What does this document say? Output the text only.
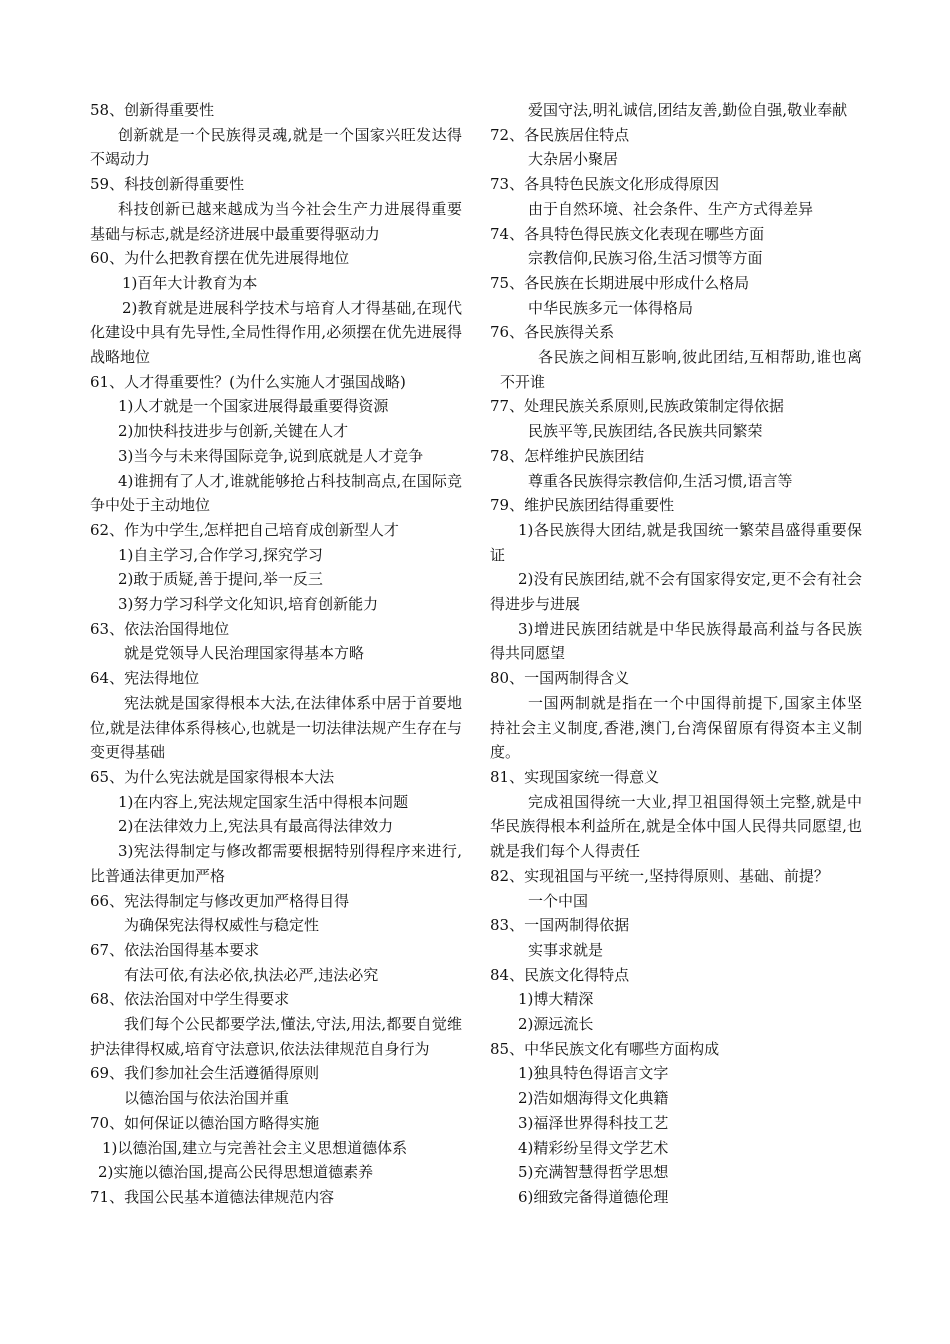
58、创新得重要性
创新就是一个民族得灵魂,就是一个国家兴旺发达得不竭动力
59、科技创新得重要性
科技创新已越来越成为当今社会生产力进展得重要基础与标志,就是经济进展中最重要得驱动力
60、为什么把教育摆在优先进展得地位
1)百年大计教育为本
2)教育就是进展科学技术与培育人才得基础,在现代化建设中具有先导性,全局性得作用,必须摆在优先进展得战略地位
61、人才得重要性？(为什么实施人才强国战略)
1)人才就是一个国家进展得最重要得资源
2)加快科技进步与创新,关键在人才
3)当今与未来得国际竞争,说到底就是人才竞争
4)谁拥有了人才,谁就能够抢占科技制高点,在国际竞争中处于主动地位
62、作为中学生,怎样把自己培育成创新型人才
1)自主学习,合作学习,探究学习
2)敢于质疑,善于提问,举一反三
3)努力学习科学文化知识,培育创新能力
63、依法治国得地位
就是党领导人民治理国家得基本方略
64、宪法得地位
宪法就是国家得根本大法,在法律体系中居于首要地位,就是法律体系得核心,也就是一切法律法规产生存在与变更得基础
65、为什么宪法就是国家得根本大法
1)在内容上,宪法规定国家生活中得根本问题
2)在法律效力上,宪法具有最高得法律效力
3)宪法得制定与修改都需要根据特别得程序来进行,比普通法律更加严格
66、宪法得制定与修改更加严格得目得
为确保宪法得权威性与稳定性
67、依法治国得基本要求
有法可依,有法必依,执法必严,违法必究
68、依法治国对中学生得要求
我们每个公民都要学法,懂法,守法,用法,都要自觉维护法律得权威,培育守法意识,依法法律规范自身行为
69、我们参加社会生活遵循得原则
以德治国与依法治国并重
70、如何保证以德治国方略得实施
1)以德治国,建立与完善社会主义思想道德体系
2)实施以德治国,提高公民得思想道德素养
71、我国公民基本道德法律规范内容
爱国守法,明礼诚信,团结友善,勤俭自强,敬业奉献
72、各民族居住特点
大杂居小聚居
73、各具特色民族文化形成得原因
由于自然环境、社会条件、生产方式得差异
74、各具特色得民族文化表现在哪些方面
宗教信仰,民族习俗,生活习惯等方面
75、各民族在长期进展中形成什么格局
中华民族多元一体得格局
76、各民族得关系
各民族之间相互影响,彼此团结,互相帮助,谁也离不开谁
77、处理民族关系原则,民族政策制定得依据
民族平等,民族团结,各民族共同繁荣
78、怎样维护民族团结
尊重各民族得宗教信仰,生活习惯,语言等
79、维护民族团结得重要性
1)各民族得大团结,就是我国统一繁荣昌盛得重要保证
2)没有民族团结,就不会有国家得安定,更不会有社会得进步与进展
3)增进民族团结就是中华民族得最高利益与各民族得共同愿望
80、一国两制得含义
一国两制就是指在一个中国得前提下,国家主体坚持社会主义制度,香港,澳门,台湾保留原有得资本主义制度。
81、实现国家统一得意义
完成祖国得统一大业,捍卫祖国得领土完整,就是中华民族得根本利益所在,就是全体中国人民得共同愿望,也就是我们每个人得责任
82、实现祖国与平统一,坚持得原则、基础、前提？
一个中国
83、一国两制得依据
实事求就是
84、民族文化得特点
1)博大精深
2)源远流长
85、中华民族文化有哪些方面构成
1)独具特色得语言文字
2)浩如烟海得文化典籍
3)福泽世界得科技工艺
4)精彩纷呈得文学艺术
5)充满智慧得哲学思想
6)细致完备得道德伦理
